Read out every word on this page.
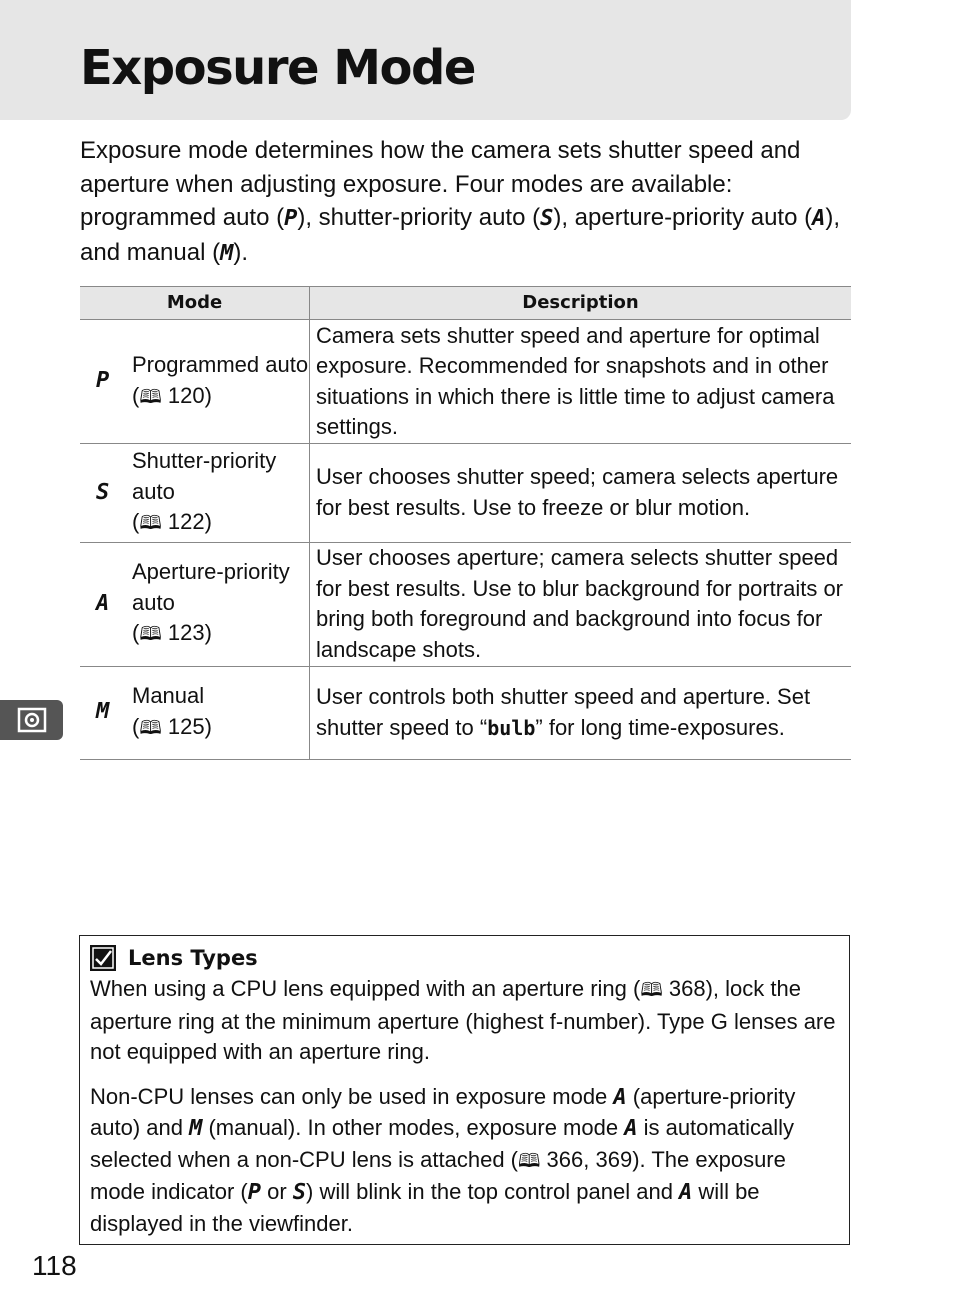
Exposure Mode

Exposure mode determines how the camera sets shutter speed and aperture when adjusting exposure. Four modes are available: programmed auto (P), shutter-priority auto (S), aperture-priority auto (A), and manual (M).

Mode	Description

P
Programmed auto
(🕮 120)	Camera sets shutter speed and aperture for optimal exposure. Recommended for snapshots and in other situations in which there is little time to adjust camera settings.

S
Shutter-priority auto
(🕮 122)	User chooses shutter speed; camera selects aperture for best results. Use to freeze or blur motion.

A
Aperture-priority auto
(🕮 123)	User chooses aperture; camera selects shutter speed for best results. Use to blur background for portraits or bring both foreground and background into focus for landscape shots.

M
Manual
(🕮 125)	User controls both shutter speed and aperture. Set shutter speed to “bulb” for long time-exposures.
Lens Types

When using a CPU lens equipped with an aperture ring (🕮 368), lock the aperture ring at the minimum aperture (highest f-number). Type G lenses are not equipped with an aperture ring.

Non-CPU lenses can only be used in exposure mode A (aperture-priority auto) and M (manual). In other modes, exposure mode A is automatically selected when a non-CPU lens is attached (🕮 366, 369). The exposure mode indicator (P or S) will blink in the top control panel and A will be displayed in the viewfinder.

118
